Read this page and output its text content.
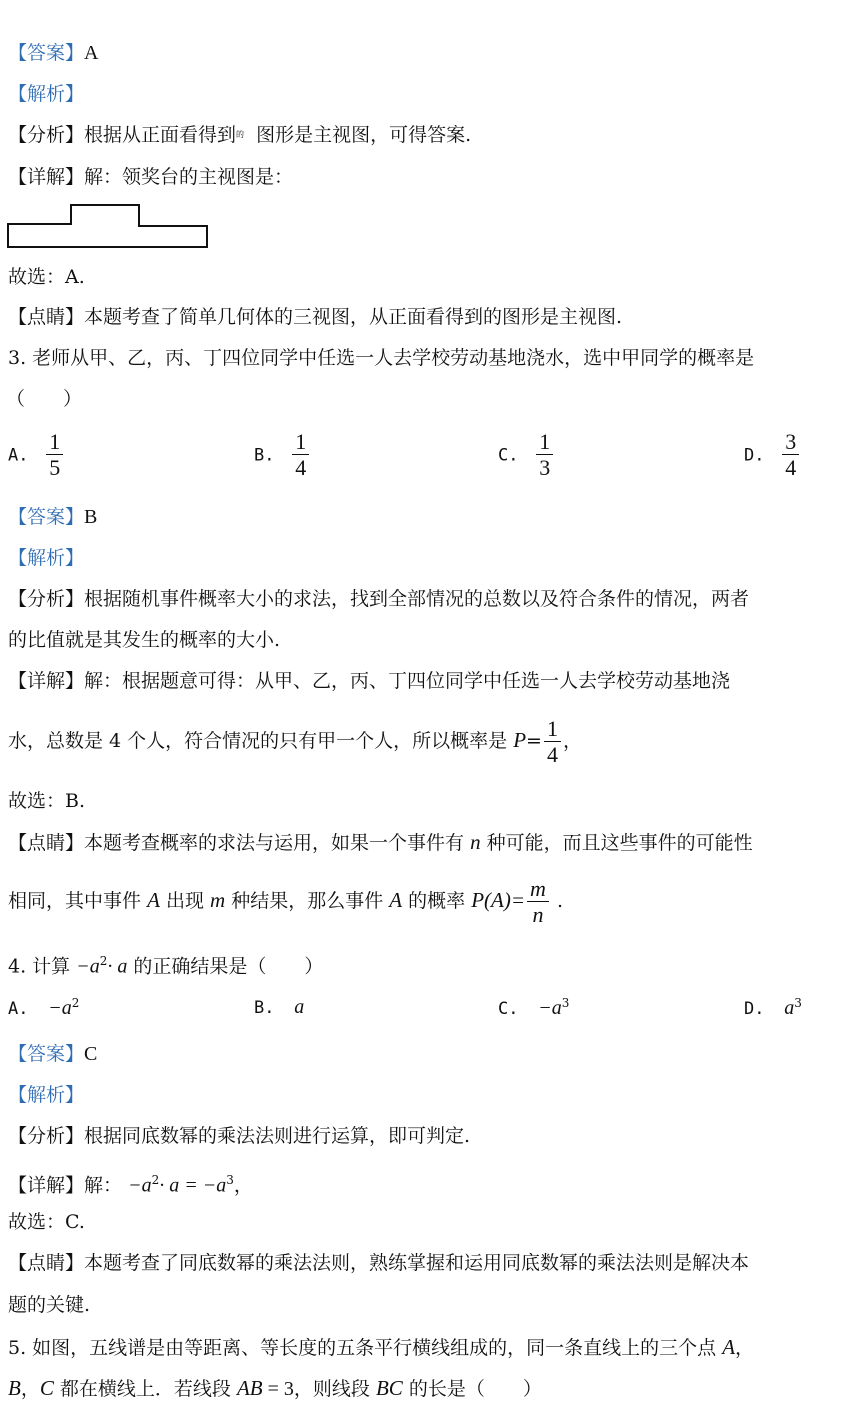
【答案】A
【解析】
【分析】根据从正面看得到$^的$ 图形是主视图，可得答案.
【详解】解：领奖台的主视图是：
故选：A.
【点睛】本题考查了简单几何体的三视图，从正面看得到的图形是主视图.
3. 老师从甲、乙，丙、丁四位同学中任选一人去学校劳动基地浇水，选中甲同学的概率是
（　　）
A. $\frac{1}{5}$	B. $\frac{1}{4}$	C. $\frac{1}{3}$	D. $\frac{3}{4}$
【答案】B
【解析】
【分析】根据随机事件概率大小的求法，找到全部情况的总数以及符合条件的情况，两者
的比值就是其发生的概率的大小.
【详解】解：根据题意可得：从甲、乙，丙、丁四位同学中任选一人去学校劳动基地浇
水，总数是 4 个人，符合情况的只有甲一个人，所以概率是 $P= \frac{1}{4}$ ，
故选：B.
【点睛】本题考查概率的求法与运用，如果一个事件有 n 种可能，而且这些事件的可能性
相同，其中事件 A 出现 m 种结果，那么事件 A 的概率 $P(A)= \frac{m}{n}$ .
4. 计算 $-a^2\cdot a$ 的正确结果是（　　）
A. $-a^2$	B. a	C. $-a^3$	D. $a^3$
【答案】C
【解析】
【分析】根据同底数幂的乘法法则进行运算，即可判定.
【详解】解： $-a^2\cdot a = -a^3$，
故选：C.
【点睛】本题考查了同底数幂的乘法法则，熟练掌握和运用同底数幂的乘法法则是解决本
题的关键.
5. 如图，五线谱是由等距离、等长度的五条平行横线组成的，同一条直线上的三个点 A，
B，C 都在横线上．若线段 AB = 3，则线段 BC 的长是（　　）
